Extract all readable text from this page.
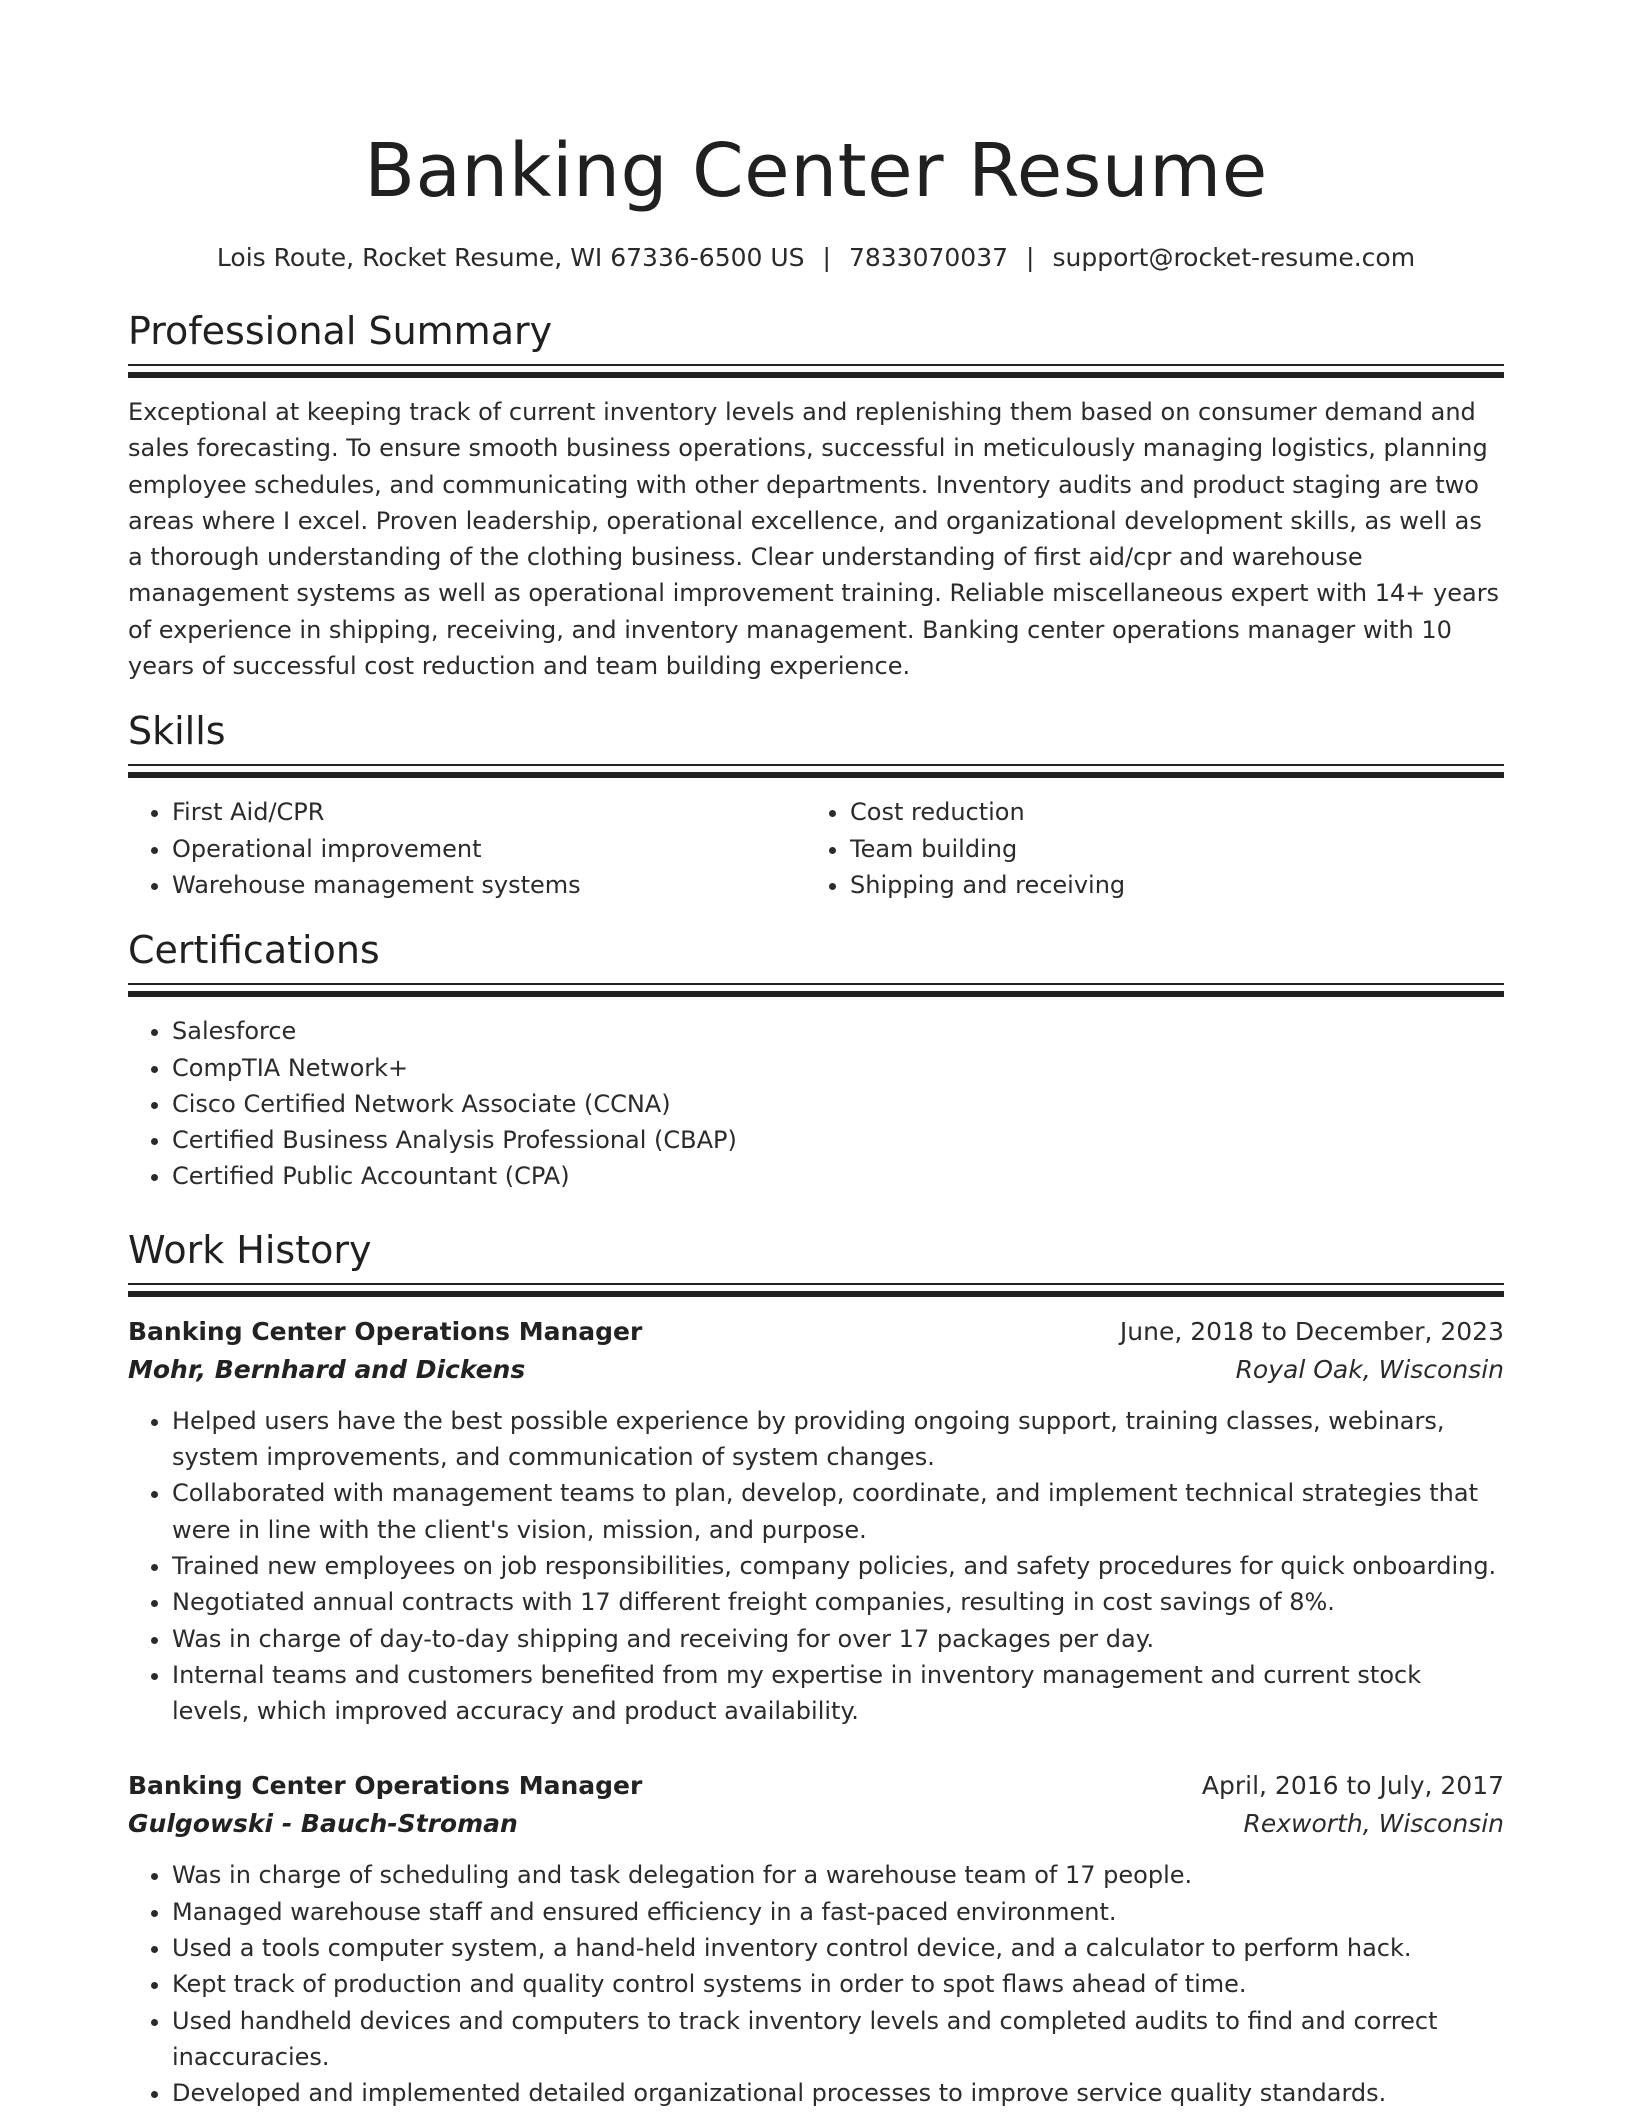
Banking Center Resume
Lois Route, Rocket Resume, WI 67336-6500 US | 7833070037 | support@rocket-resume.com
Professional Summary

Exceptional at keeping track of current inventory levels and replenishing them based on consumer demand and sales forecasting. To ensure smooth business operations, successful in meticulously managing logistics, planning employee schedules, and communicating with other departments. Inventory audits and product staging are two areas where I excel. Proven leadership, operational excellence, and organizational development skills, as well as a thorough understanding of the clothing business. Clear understanding of first aid/cpr and warehouse management systems as well as operational improvement training. Reliable miscellaneous expert with 14+ years of experience in shipping, receiving, and inventory management. Banking center operations manager with 10 years of successful cost reduction and team building experience.

Skills
• First Aid/CPR
• Operational improvement
• Warehouse management systems
• Cost reduction
• Team building
• Shipping and receiving
Certifications
• Salesforce
• CompTIA Network+
• Cisco Certified Network Associate (CCNA)
• Certified Business Analysis Professional (CBAP)
• Certified Public Accountant (CPA)
Work History
Banking Center Operations Manager	June, 2018 to December, 2023
Mohr, Bernhard and Dickens	Royal Oak, Wisconsin
• Helped users have the best possible experience by providing ongoing support, training classes, webinars, system improvements, and communication of system changes.
• Collaborated with management teams to plan, develop, coordinate, and implement technical strategies that were in line with the client's vision, mission, and purpose.
• Trained new employees on job responsibilities, company policies, and safety procedures for quick onboarding.
• Negotiated annual contracts with 17 different freight companies, resulting in cost savings of 8%.
• Was in charge of day-to-day shipping and receiving for over 17 packages per day.
• Internal teams and customers benefited from my expertise in inventory management and current stock levels, which improved accuracy and product availability.
Banking Center Operations Manager	April, 2016 to July, 2017
Gulgowski - Bauch-Stroman	Rexworth, Wisconsin
• Was in charge of scheduling and task delegation for a warehouse team of 17 people.
• Managed warehouse staff and ensured efficiency in a fast-paced environment.
• Used a tools computer system, a hand-held inventory control device, and a calculator to perform hack.
• Kept track of production and quality control systems in order to spot flaws ahead of time.
• Used handheld devices and computers to track inventory levels and completed audits to find and correct inaccuracies.
• Developed and implemented detailed organizational processes to improve service quality standards.
